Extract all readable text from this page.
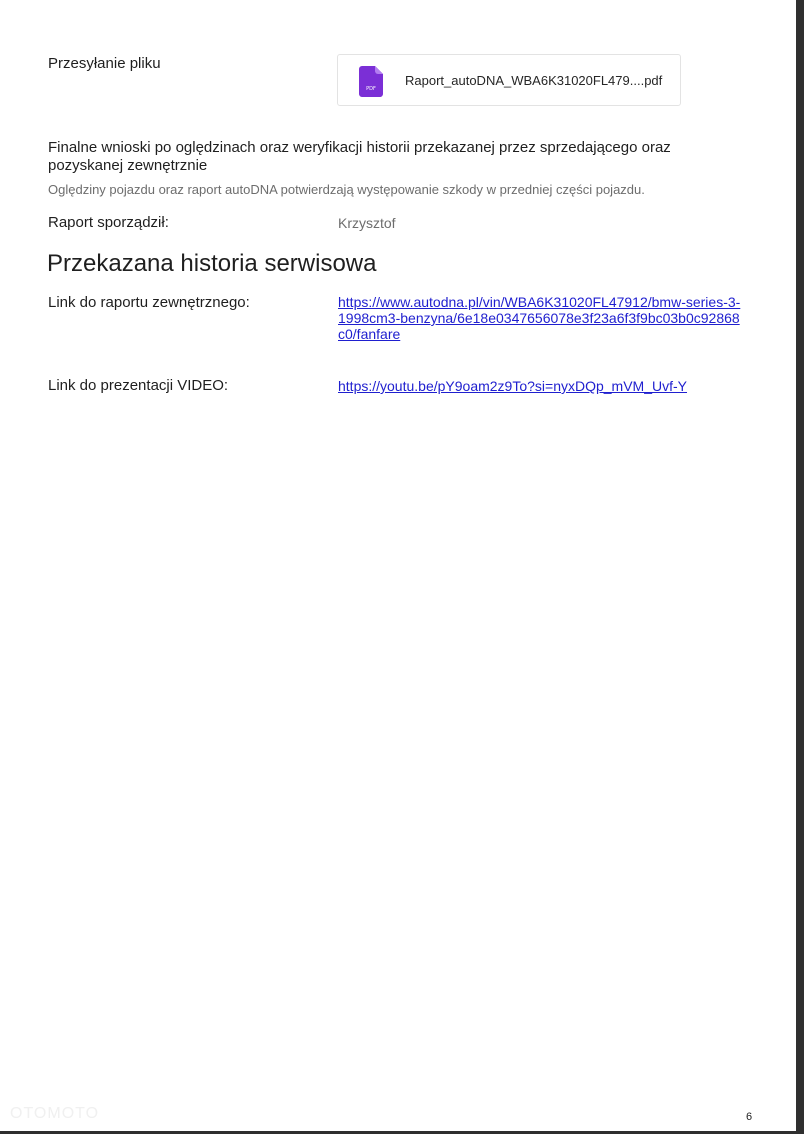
Przesyłanie pliku
PDF
Raport_autoDNA_WBA6K31020FL479....pdf
Finalne wnioski po oględzinach oraz weryfikacji historii przekazanej przez sprzedającego oraz pozyskanej zewnętrznie
Oględziny pojazdu oraz raport autoDNA potwierdzają występowanie szkody w przedniej części pojazdu.
Raport sporządził:	Krzysztof
Przekazana historia serwisowa
Link do raportu zewnętrznego:	https://www.autodna.pl/vin/WBA6K31020FL47912/bmw-series-3-1998cm3-benzyna/6e18e0347656078e3f23a6f3f9bc03b0c92868c0/fanfare
Link do prezentacji VIDEO:	https://youtu.be/pY9oam2z9To?si=nyxDQp_mVM_Uvf-Y
OTOMOTO	6
